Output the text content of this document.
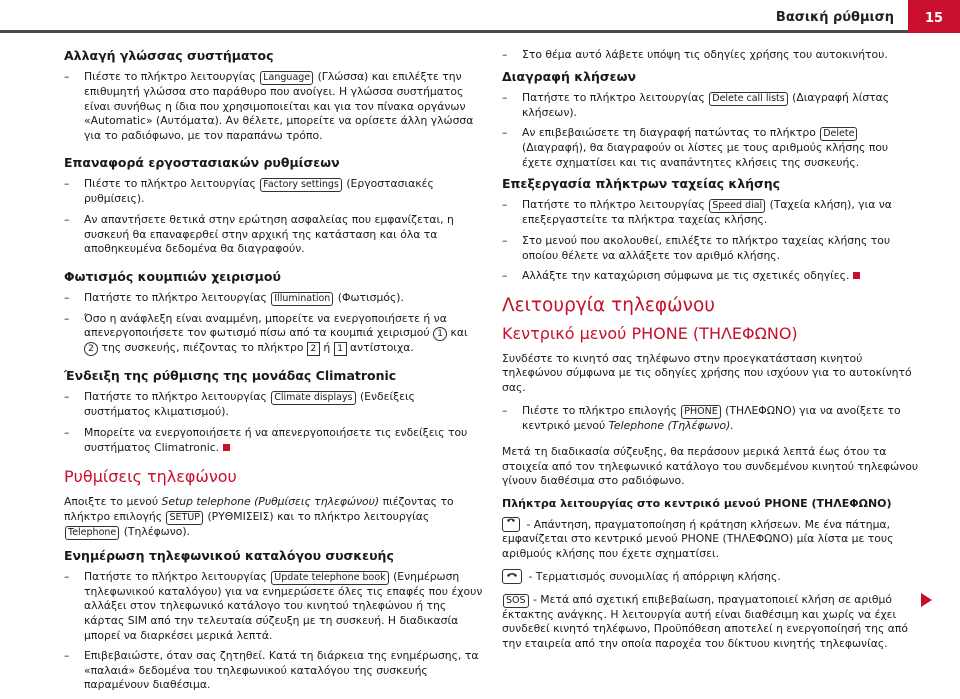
Βασική ρύθμιση	15
Αλλαγή γλώσσας συστήματος
– Πιέστε το πλήκτρο λειτουργίας Language (Γλώσσα) και επιλέξτε την επιθυμητή γλώσσα στο παράθυρο που ανοίγει. Η γλώσσα συστήματος είναι συνήθως η ίδια που χρησιμοποιείται και για τον πίνακα οργάνων «Automatic» (Αυτόματα). Αν θέλετε, μπορείτε να ορίσετε άλλη γλώσσα για το ραδιόφωνο, με τον παραπάνω τρόπο.
Επαναφορά εργοστασιακών ρυθμίσεων
– Πιέστε το πλήκτρο λειτουργίας Factory settings (Εργοστασιακές ρυθμίσεις).
– Αν απαντήσετε θετικά στην ερώτηση ασφαλείας που εμφανίζεται, η συσκευή θα επαναφερθεί στην αρχική της κατάσταση και όλα τα αποθηκευμένα δεδομένα θα διαγραφούν.
Φωτισμός κουμπιών χειρισμού
– Πατήστε το πλήκτρο λειτουργίας Illumination (Φωτισμός).
– Όσο η ανάφλεξη είναι αναμμένη, μπορείτε να ενεργοποιήσετε ή να απενεργοποιήσετε τον φωτισμό πίσω από τα κουμπιά χειρισμού 1 και 2 της συσκευής, πιέζοντας το πλήκτρο 2 ή 1 αντίστοιχα.
Ένδειξη της ρύθμισης της μονάδας Climatronic
– Πατήστε το πλήκτρο λειτουργίας Climate displays (Ενδείξεις συστήματος κλιματισμού).
– Μπορείτε να ενεργοποιήσετε ή να απενεργοποιήσετε τις ενδείξεις του συστήματος Climatronic.
Ρυθμίσεις τηλεφώνου

Αποιξτε το μενού Setup telephone (Ρυθμίσεις τηλεφώνου) πιέζοντας το πλήκτρο επιλογής SETUP (ΡΥΘΜΙΣΕΙΣ) και το πλήκτρο λειτουργίας Telephone (Τηλέφωνο).

Ενημέρωση τηλεφωνικού καταλόγου συσκευής
– Πατήστε το πλήκτρο λειτουργίας Update telephone book (Ενημέρωση τηλεφωνικού καταλόγου) για να ενημερώσετε όλες τις επαφές που έχουν αλλάξει στον τηλεφωνικό κατάλογο του κινητού τηλεφώνου ή της κάρτας SIM από την τελευταία σύζευξη με τη συσκευή. Η διαδικασία μπορεί να διαρκέσει μερικά λεπτά.
– Επιβεβαιώστε, όταν σας ζητηθεί. Κατά τη διάρκεια της ενημέρωσης, τα «παλαιά» δεδομένα του τηλεφωνικού καταλόγου της συσκευής παραμένουν διαθέσιμα.
– Στο θέμα αυτό λάβετε υπόψη τις οδηγίες χρήσης του αυτοκινήτου.
Διαγραφή κλήσεων
– Πατήστε το πλήκτρο λειτουργίας Delete call lists (Διαγραφή λίστας κλήσεων).
– Αν επιβεβαιώσετε τη διαγραφή πατώντας το πλήκτρο Delete (Διαγραφή), θα διαγραφούν οι λίστες με τους αριθμούς κλήσης που έχετε σχηματίσει και τις αναπάντητες κλήσεις της συσκευής.
Επεξεργασία πλήκτρων ταχείας κλήσης
– Πατήστε το πλήκτρο λειτουργίας Speed dial (Ταχεία κλήση), για να επεξεργαστείτε τα πλήκτρα ταχείας κλήσης.
– Στο μενού που ακολουθεί, επιλέξτε το πλήκτρο ταχείας κλήσης του οποίου θέλετε να αλλάξετε τον αριθμό κλήσης.
– Αλλάξτε την καταχώριση σύμφωνα με τις σχετικές οδηγίες.
Λειτουργία τηλεφώνου
Κεντρικό μενού PHONE (ΤΗΛΕΦΩΝΟ)

Συνδέστε το κινητό σας τηλέφωνο στην προεγκατάσταση κινητού τηλεφώνου σύμφωνα με τις οδηγίες χρήσης που ισχύουν για το αυτοκίνητό σας.

– Πιέστε το πλήκτρο επιλογής PHONE (ΤΗΛΕΦΩΝΟ) για να ανοίξετε το κεντρικό μενού Telephone (Τηλέφωνο).

Μετά τη διαδικασία σύζευξης, θα περάσουν μερικά λεπτά έως ότου τα στοιχεία από τον τηλεφωνικό κατάλογο του συνδεμένου κινητού τηλεφώνου γίνουν διαθέσιμα στο ραδιόφωνο.

Πλήκτρα λειτουργίας στο κεντρικό μενού PHONE (ΤΗΛΕΦΩΝΟ)

- Απάντηση, πραγματοποίηση ή κράτηση κλήσεων. Με ένα πάτημα, εμφανίζεται στο κεντρικό μενού PHONE (ΤΗΛΕΦΩΝΟ) μία λίστα με τους αριθμούς κλήσης που έχετε σχηματίσει.

- Τερματισμός συνομιλίας ή απόρριψη κλήσης.

SOS - Μετά από σχετική επιβεβαίωση, πραγματοποιεί κλήση σε αριθμό έκτακτης ανάγκης. Η λειτουργία αυτή είναι διαθέσιμη και χωρίς να έχει συνδεθεί κινητό τηλέφωνο, Προϋπόθεση αποτελεί η ενεργοποίησή της από την εταιρεία από την οποία παροχέα του δίκτυου κινητής τηλεφωνίας.
